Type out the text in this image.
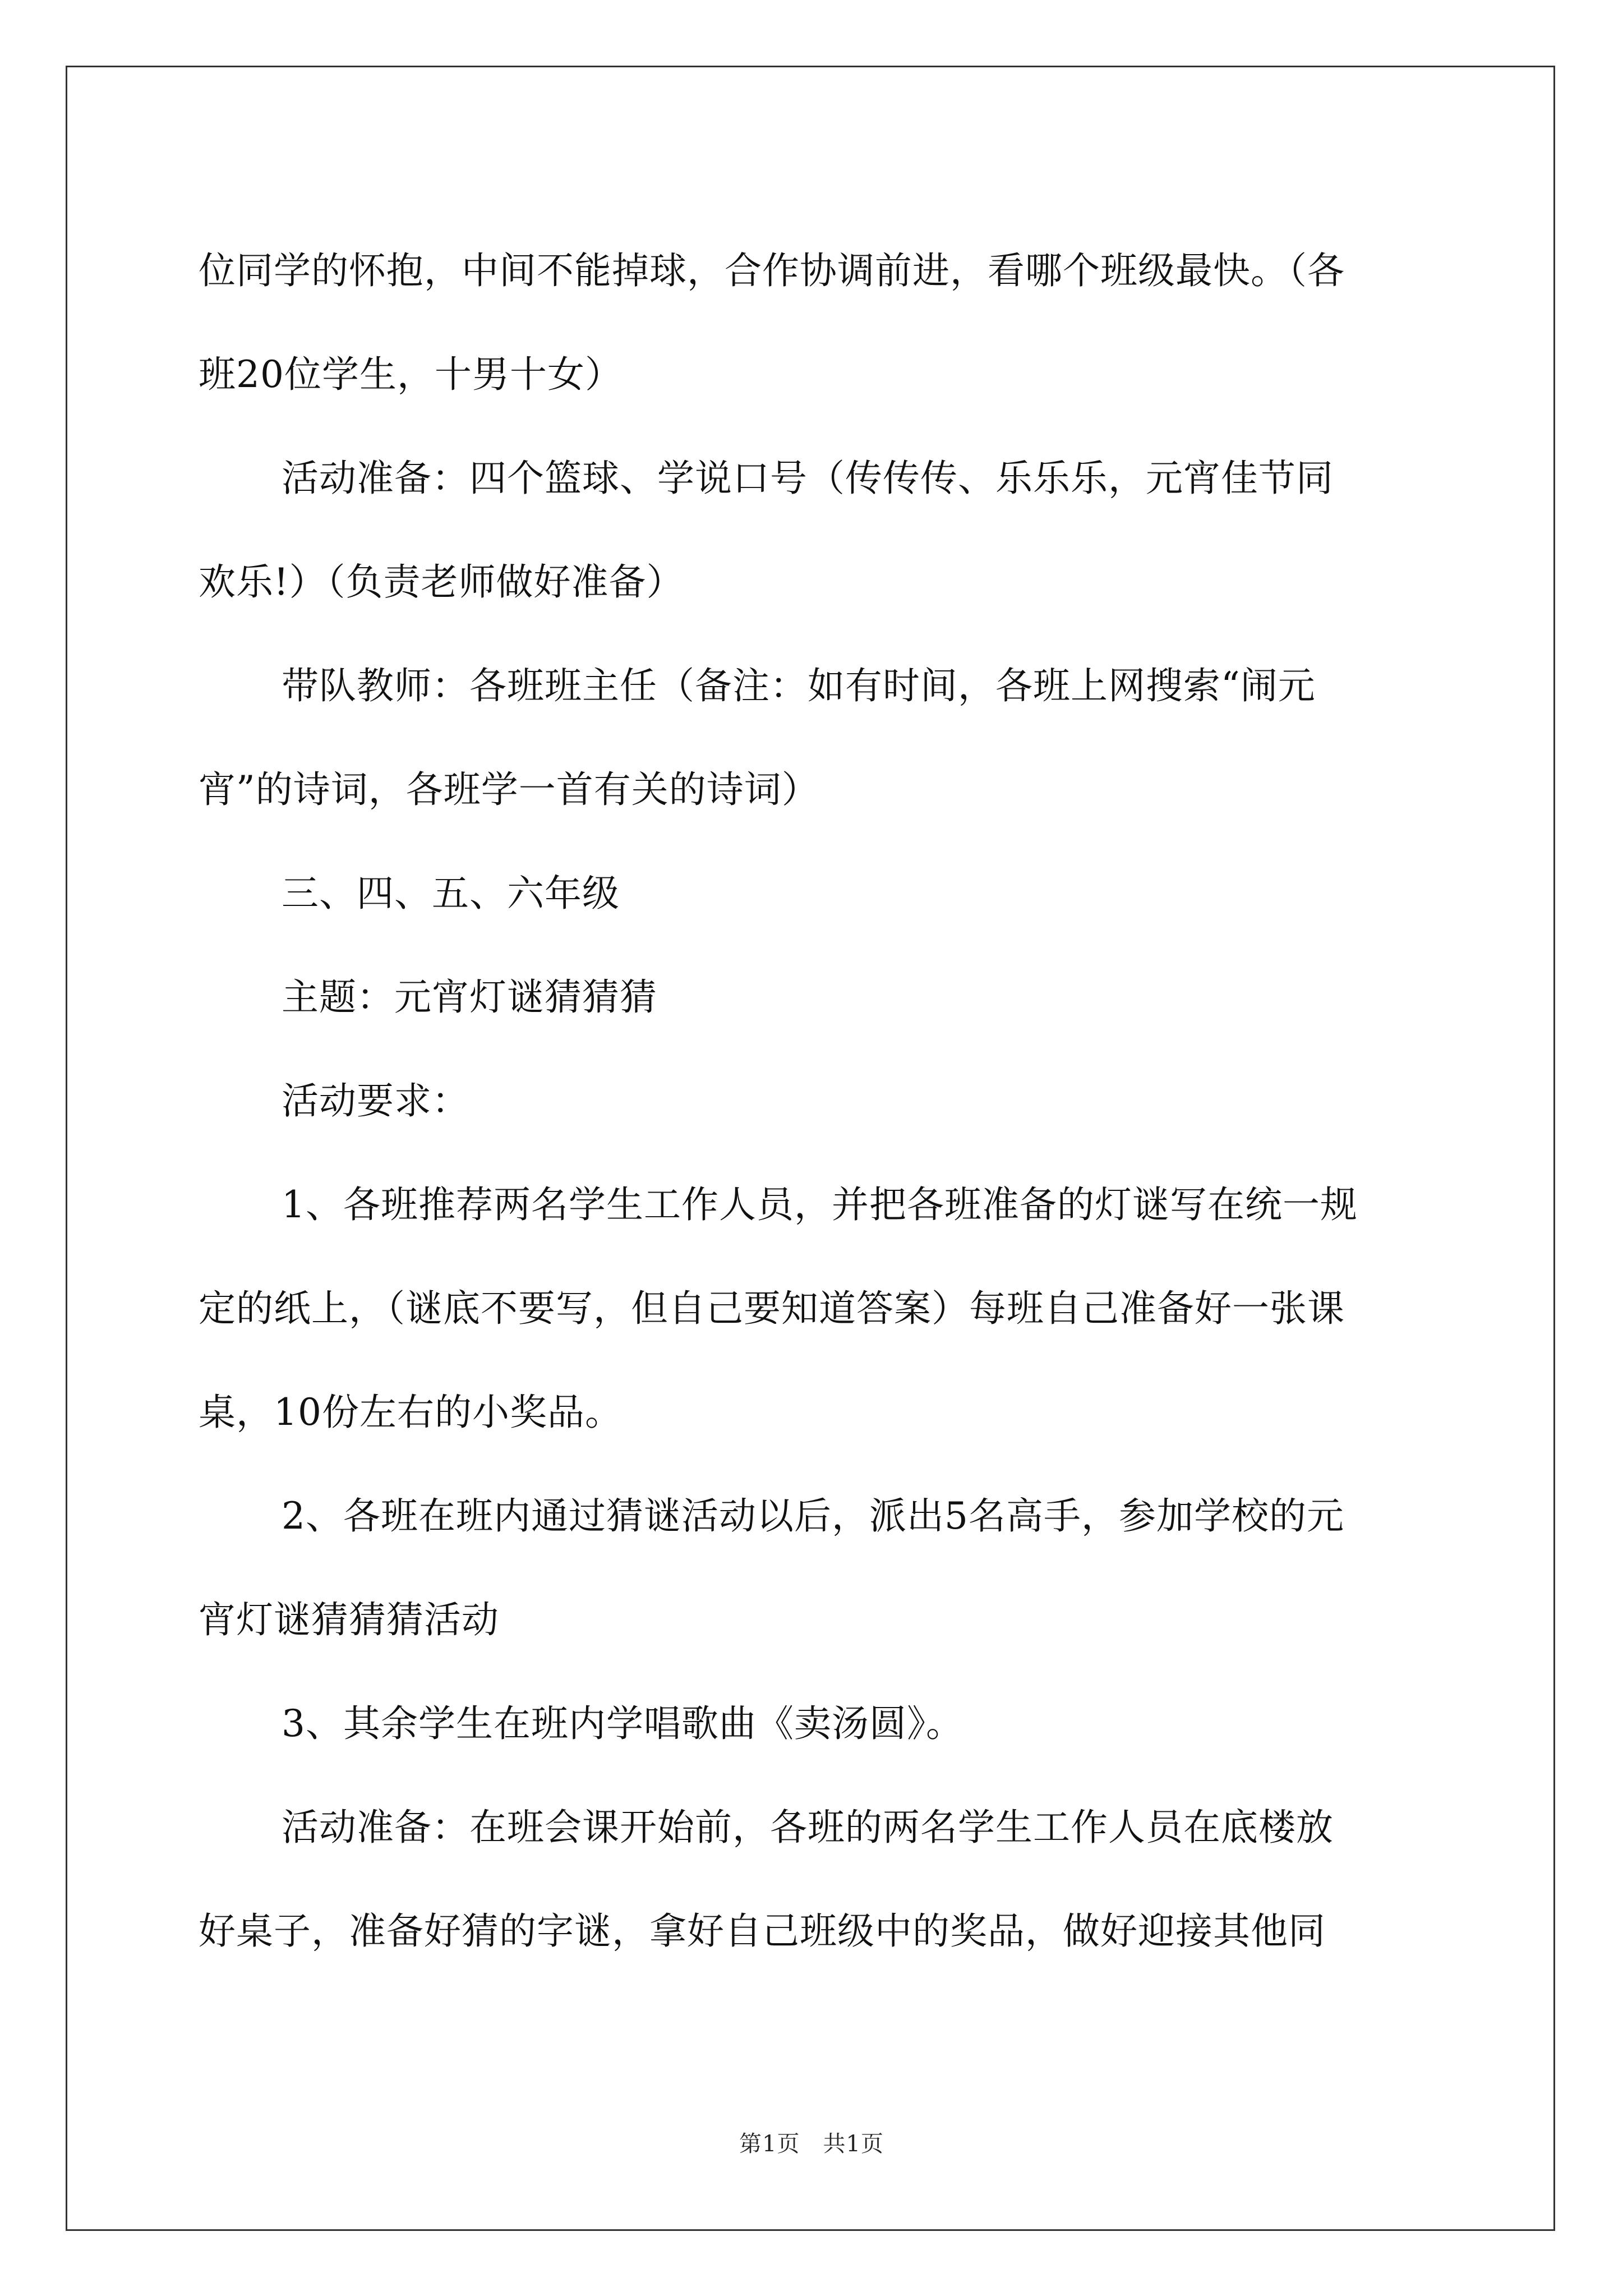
位同学的怀抱，中间不能掉球，合作协调前进，看哪个班级最快。（各
班20位学生，十男十女）

活动准备：四个篮球、学说口号（传传传、乐乐乐，元宵佳节同
欢乐!）（负责老师做好准备）

带队教师：各班班主任（备注：如有时间，各班上网搜索“闹元
宵”的诗词，各班学一首有关的诗词）

三、四、五、六年级

主题：元宵灯谜猜猜猜

活动要求：

1、各班推荐两名学生工作人员，并把各班准备的灯谜写在统一规
定的纸上，（谜底不要写，但自己要知道答案）每班自己准备好一张课
桌，10份左右的小奖品。

2、各班在班内通过猜谜活动以后，派出5名高手，参加学校的元
宵灯谜猜猜猜活动

3、其余学生在班内学唱歌曲《卖汤圆》。

活动准备：在班会课开始前，各班的两名学生工作人员在底楼放
好桌子，准备好猜的字谜，拿好自己班级中的奖品，做好迎接其他同

第1页　共1页
